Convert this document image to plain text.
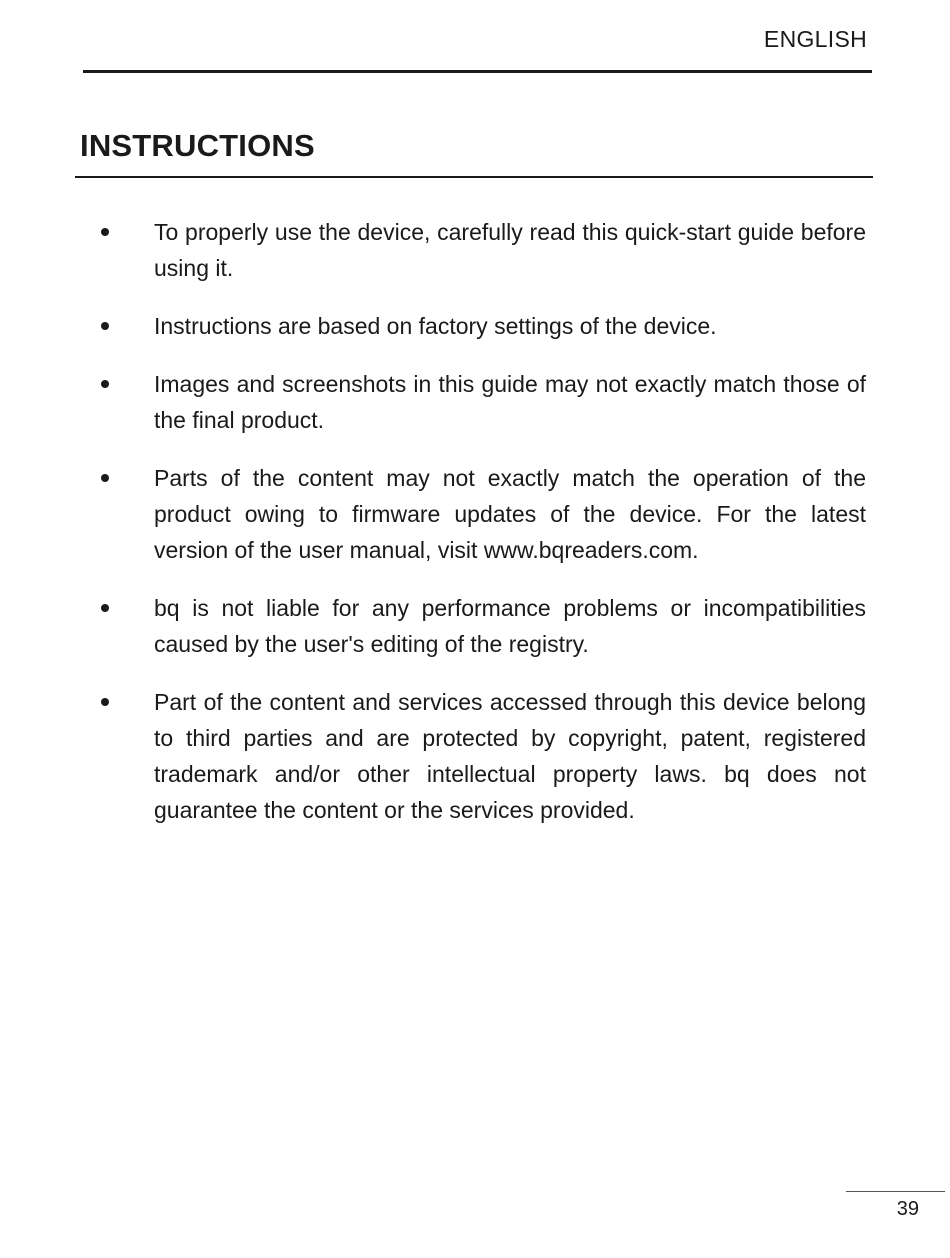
ENGLISH
INSTRUCTIONS
To properly use the device, carefully read this quick-start guide before using it.
Instructions are based on factory settings of the device.
Images and screenshots in this guide may not exactly match those of the final product.
Parts of the content may not exactly match the operation of the product owing to firmware updates of the device. For the latest version of the user manual, visit www.bqreaders.com.
bq is not liable for any performance problems or incompatibilities caused by the user's editing of the registry.
Part of the content and services accessed through this device belong to third parties and are protected by copyright, patent, registered trademark and/or other intellectual property laws. bq does not guarantee the content or the services provided.
39
